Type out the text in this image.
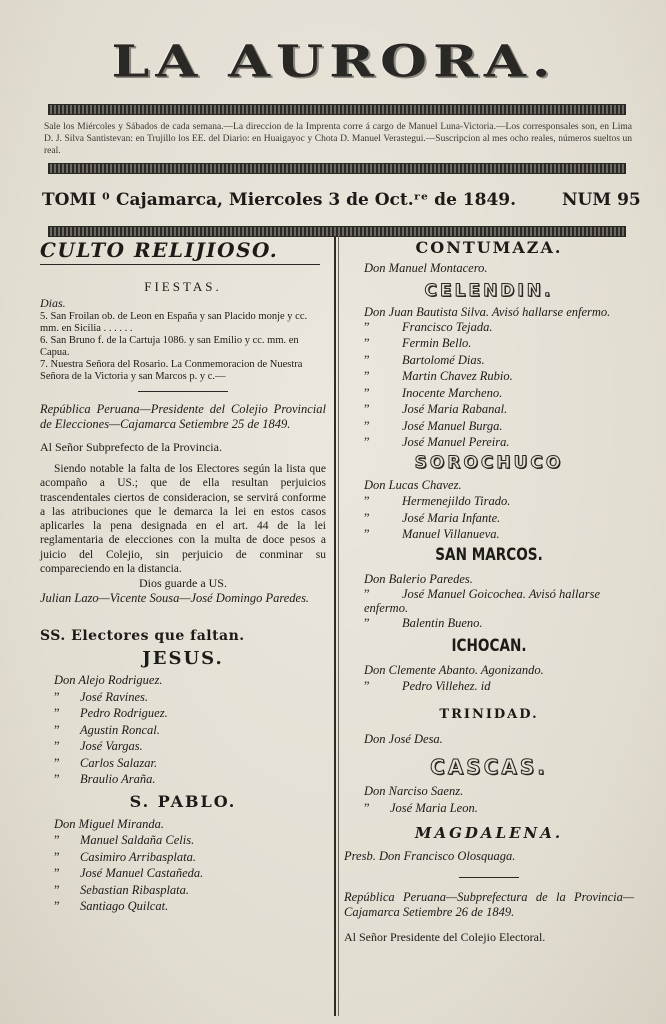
LA AURORA.
Sale los Miércoles y Sábados de cada semana.—La direccion de la Imprenta corre á cargo de Manuel Luna-Victoria.—Los corresponsales son, en Lima D. J. Silva Santistevan: en Trujillo los EE. del Diario: en Huaigayoc y Chota D. Manuel Verastegui.—Suscripcion al mes ocho reales, números sueltos un real.
TOMI ⁰ Cajamarca, Miercoles 3 de Oct.ʳᵉ de 1849.	NUM 95
CULTO RELIJIOSO.
FIESTAS.
Dias.
5. San Froilan ob. de Leon en España y san Placido monje y cc. mm. en Sicilia . . . . . .
6. San Bruno f. de la Cartuja 1086. y san Emilio y cc. mm. en Capua.
7. Nuestra Señora del Rosario. La Conmemoracion de Nuestra Señora de la Victoria y san Marcos p. y c.—
República Peruana—Presidente del Colejio Provincial de Elecciones—Cajamarca Setiembre 25 de 1849.
Al Señor Subprefecto de la Provincia.
Siendo notable la falta de los Electores según la lista que acompaño a US.; que de ella resultan perjuicios trascendentales ciertos de consideracion, se servirá conforme a las atribuciones que le demarca la lei en estos casos aplicarles la pena designada en el art. 44 de la lei reglamentaria de elecciones con la multa de doce pesos a juicio del Colejio, sin perjuicio de conminar su compareciendo en la distancia.
Dios guarde a US.
Julian Lazo—Vicente Sousa—José Domingo Paredes.
SS. Electores que faltan.
JESUS.
Don Alejo Rodriguez.
” José Ravines.
” Pedro Rodriguez.
” Agustin Roncal.
” José Vargas.
” Carlos Salazar.
” Braulio Araña.
S. PABLO.
Don Miguel Miranda.
” Manuel Saldaña Celis.
” Casimiro Arribasplata.
” José Manuel Castañeda.
” Sebastian Ribasplata.
” Santiago Quilcat.
CONTUMAZA.
Don Manuel Montacero.
CELENDIN.
Don Juan Bautista Silva. Avisó hallarse enfermo.
”	Francisco Tejada.
”	Fermin Bello.
”	Bartolomé Dias.
”	Martin Chavez Rubio.
”	Inocente Marcheno.
”	José Maria Rabanal.
”	José Manuel Burga.
”	José Manuel Pereira.
SOROCHUCO
Don Lucas Chavez.
”	Hermenejildo Tirado.
”	José Maria Infante.
”	Manuel Villanueva.
SAN MARCOS.
Don Balerio Paredes.
”	José Manuel Goicochea. Avisó hallarse enfermo.
”	Balentin Bueno.
ICHOCAN.
Don Clemente Abanto. Agonizando.
”	Pedro Villehez. id
TRINIDAD.
Don José Desa.
CASCAS.
Don Narciso Saenz.
” José Maria Leon.
MAGDALENA.
Presb. Don Francisco Olosquaga.
República Peruana—Subprefectura de la Provincia—Cajamarca Setiembre 26 de 1849.
Al Señor Presidente del Colejio Electoral.
